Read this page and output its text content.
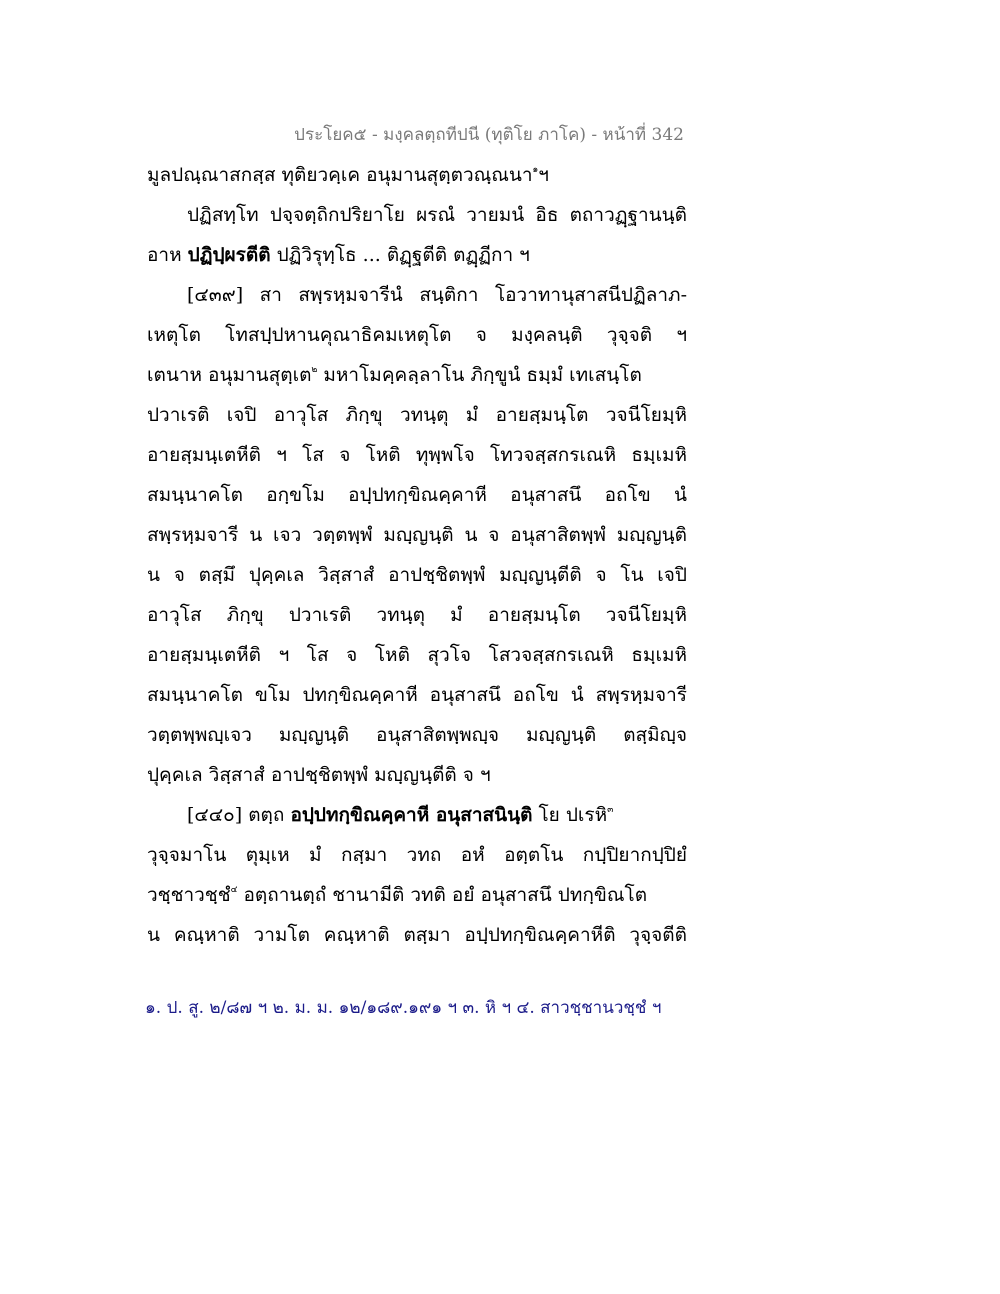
ประโยค๕ - มงฺคลตฺถทีปนี (ทุติโย ภาโค) - หน้าที่ 342
มูลปณฺณาสกสฺส ทุติยวคฺเค อนุมานสุตฺตวณฺณนา$^๑$ฯ
ปฏิสทฺโท ปจฺจตฺถิกปริยาโย ผรณํ วายมนํ อิธ ตถาวฏฺฐานนฺติ
อาห ปฏิปฺผรตีติ ปฏิวิรุทฺโธ ... ติฏฺฐตีติ ตฏฺฏีกา ฯ
[๔๓๙] สา สพฺรหฺมจารีนํ สนฺติกา โอวาทานุสาสนีปฏิลาภ-
เหตุโต โทสปฺปหานคุณาธิคมเหตุโต จ มงฺคลนฺติ วุจฺจติ ฯ
เตนาห อนุมานสุตฺเต$^๒$ มหาโมคฺคลฺลาโน ภิกฺขูนํ ธมฺมํ เทเสนฺโต
ปวาเรติ เจปิ อาวุโส ภิกฺขุ วทนฺตุ มํ อายสฺมนฺโต วจนีโยมฺหิ
อายสฺมนฺเตหีติ ฯ โส จ โหติ ทุพฺพโจ โทวจสฺสกรเณหิ ธมฺเมหิ
สมนฺนาคโต อกฺขโม อปฺปทกฺขิณคฺคาหี อนุสาสนึ อถโข นํ
สพฺรหฺมจารี น เจว วตฺตพฺพํ มญฺญนฺติ น จ อนุสาสิตพฺพํ มญฺญนฺติ
น จ ตสฺมึ ปุคฺคเล วิสฺสาสํ อาปชฺชิตพฺพํ มญฺญนฺตีติ จ โน เจปิ
อาวุโส ภิกฺขุ ปวาเรติ วทนฺตุ มํ อายสฺมนฺโต วจนีโยมฺหิ
อายสฺมนฺเตหีติ ฯ โส จ โหติ สุวโจ โสวจสฺสกรเณหิ ธมฺเมหิ
สมนฺนาคโต ขโม ปทกฺขิณคฺคาหี อนุสาสนึ อถโข นํ สพฺรหฺมจารี
วตฺตพฺพญฺเจว มญฺญนฺติ อนุสาสิตพฺพญฺจ มญฺญนฺติ ตสฺมิญฺจ
ปุคฺคเล วิสฺสาสํ อาปชฺชิตพฺพํ มญฺญนฺตีติ จ ฯ
[๔๔๐] ตตฺถ อปฺปทกฺขิณคฺคาหี อนุสาสนินฺติ โย ปเรหิ$^๓$
วุจฺจมาโน ตุมฺเห มํ กสฺมา วทถ อหํ อตฺตโน กปฺปิยากปฺปิยํ
วชฺชาวชฺชํ$^๔$ อตฺถานตฺถํ ชานามีติ วทติ อยํ อนุสาสนึ ปทกฺขิณโต
น คณฺหาติ วามโต คณฺหาติ ตสฺมา อปฺปทกฺขิณคฺคาหีติ วุจฺจตีติ
๑. ป. สู. ๒/๘๗ ฯ ๒. ม. ม. ๑๒/๑๘๙.๑๙๑ ฯ ๓. หิ ฯ ๔. สาวชฺชานวชฺชํ ฯ
